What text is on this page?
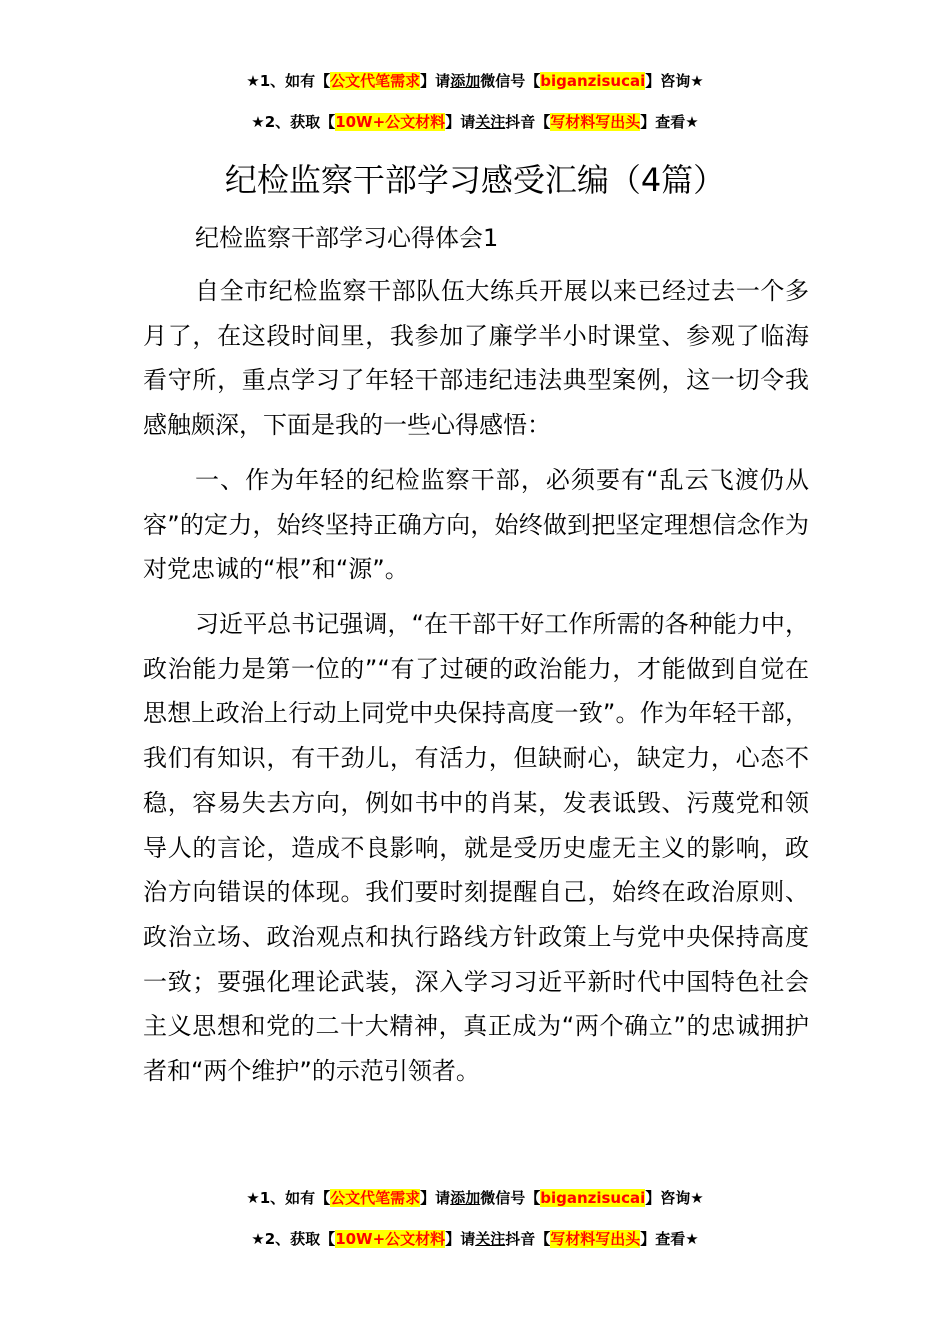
★1、如有【公文代笔需求】请添加微信号【biganzisucai】咨询★
★2、获取【10W+公文材料】请关注抖音【写材料写出头】查看★
纪检监察干部学习感受汇编（4篇）
纪检监察干部学习心得体会1

自全市纪检监察干部队伍大练兵开展以来已经过去一个多月了，在这段时间里，我参加了廉学半小时课堂、参观了临海看守所，重点学习了年轻干部违纪违法典型案例，这一切令我感触颇深，下面是我的一些心得感悟：

一、作为年轻的纪检监察干部，必须要有“乱云飞渡仍从容”的定力，始终坚持正确方向，始终做到把坚定理想信念作为对党忠诚的“根”和“源”。

习近平总书记强调，“在干部干好工作所需的各种能力中，政治能力是第一位的”“有了过硬的政治能力，才能做到自觉在思想上政治上行动上同党中央保持高度一致”。作为年轻干部，我们有知识，有干劲儿，有活力，但缺耐心，缺定力，心态不稳，容易失去方向，例如书中的肖某，发表诋毁、污蔑党和领导人的言论，造成不良影响，就是受历史虚无主义的影响，政治方向错误的体现。我们要时刻提醒自己，始终在政治原则、政治立场、政治观点和执行路线方针政策上与党中央保持高度一致；要强化理论武装，深入学习习近平新时代中国特色社会主义思想和党的二十大精神，真正成为“两个确立”的忠诚拥护者和“两个维护”的示范引领者。

★1、如有【公文代笔需求】请添加微信号【biganzisucai】咨询★
★2、获取【10W+公文材料】请关注抖音【写材料写出头】查看★
